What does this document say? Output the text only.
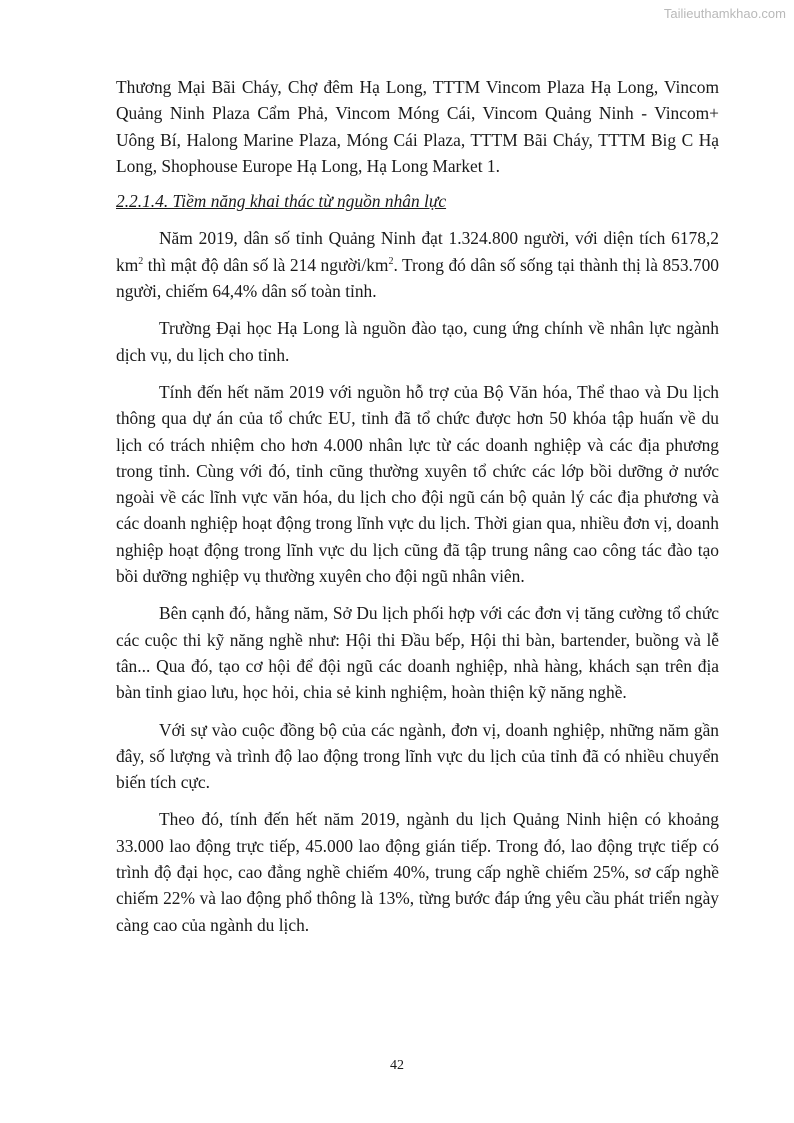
Tailieuthamkhao.com

Thương Mại Bãi Cháy, Chợ đêm Hạ Long, TTTM Vincom Plaza Hạ Long, Vincom Quảng Ninh Plaza Cẩm Phả, Vincom Móng Cái, Vincom Quảng Ninh - Vincom+ Uông Bí, Halong Marine Plaza, Móng Cái Plaza, TTTM Bãi Cháy, TTTM Big C Hạ Long, Shophouse Europe Hạ Long, Hạ Long Market 1.

2.2.1.4. Tiềm năng khai thác từ nguồn nhân lực

Năm 2019, dân số tỉnh Quảng Ninh đạt 1.324.800 người, với diện tích 6178,2 $km^2$ thì mật độ dân số là 214 người/$km^2$. Trong đó dân số sống tại thành thị là 853.700 người, chiếm 64,4% dân số toàn tỉnh.

Trường Đại học Hạ Long là nguồn đào tạo, cung ứng chính về nhân lực ngành dịch vụ, du lịch cho tỉnh.

Tính đến hết năm 2019 với nguồn hỗ trợ của Bộ Văn hóa, Thể thao và Du lịch thông qua dự án của tổ chức EU, tỉnh đã tổ chức được hơn 50 khóa tập huấn về du lịch có trách nhiệm cho hơn 4.000 nhân lực từ các doanh nghiệp và các địa phương trong tỉnh. Cùng với đó, tỉnh cũng thường xuyên tổ chức các lớp bồi dưỡng ở nước ngoài về các lĩnh vực văn hóa, du lịch cho đội ngũ cán bộ quản lý các địa phương và các doanh nghiệp hoạt động trong lĩnh vực du lịch. Thời gian qua, nhiều đơn vị, doanh nghiệp hoạt động trong lĩnh vực du lịch cũng đã tập trung nâng cao công tác đào tạo bồi dưỡng nghiệp vụ thường xuyên cho đội ngũ nhân viên.

Bên cạnh đó, hằng năm, Sở Du lịch phối hợp với các đơn vị tăng cường tổ chức các cuộc thi kỹ năng nghề như: Hội thi Đầu bếp, Hội thi bàn, bartender, buồng và lễ tân... Qua đó, tạo cơ hội để đội ngũ các doanh nghiệp, nhà hàng, khách sạn trên địa bàn tỉnh giao lưu, học hỏi, chia sẻ kinh nghiệm, hoàn thiện kỹ năng nghề.

Với sự vào cuộc đồng bộ của các ngành, đơn vị, doanh nghiệp, những năm gần đây, số lượng và trình độ lao động trong lĩnh vực du lịch của tỉnh đã có nhiều chuyển biến tích cực.

Theo đó, tính đến hết năm 2019, ngành du lịch Quảng Ninh hiện có khoảng 33.000 lao động trực tiếp, 45.000 lao động gián tiếp. Trong đó, lao động trực tiếp có trình độ đại học, cao đẳng nghề chiếm 40%, trung cấp nghề chiếm 25%, sơ cấp nghề chiếm 22% và lao động phổ thông là 13%, từng bước đáp ứng yêu cầu phát triển ngày càng cao của ngành du lịch.

42
